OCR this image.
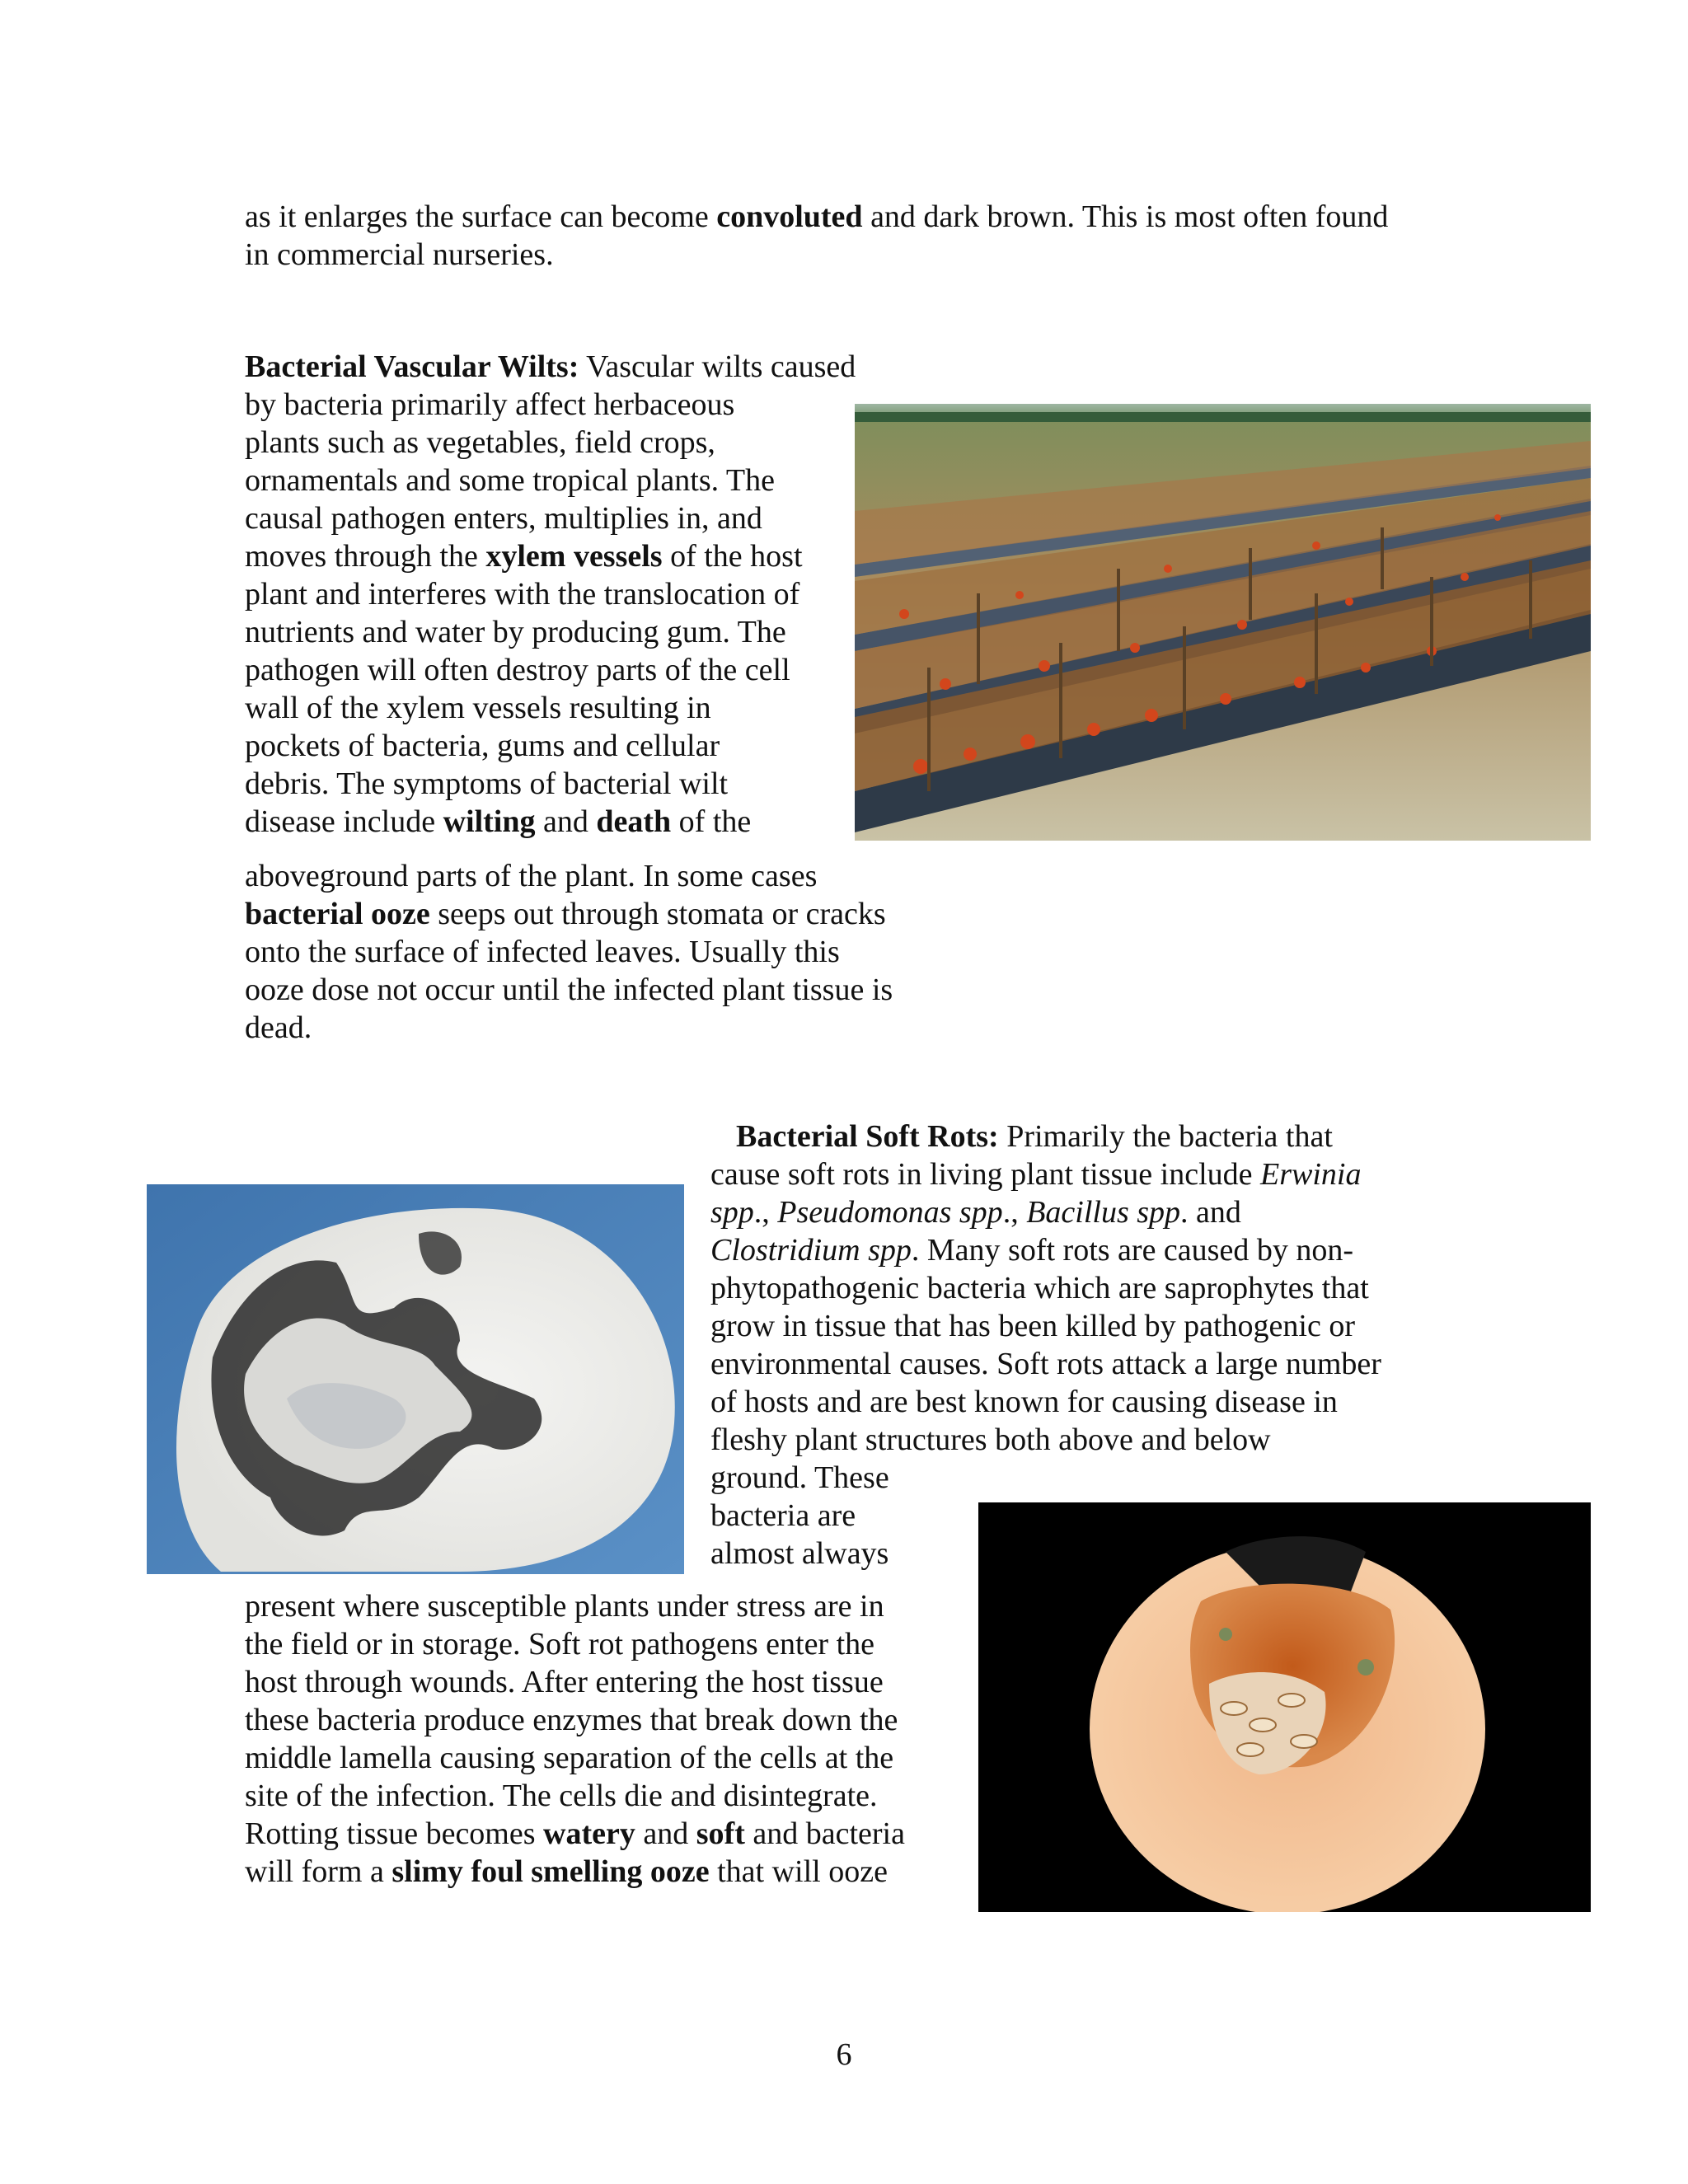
as it enlarges the surface can become convoluted and dark brown. This is most often found
in commercial nurseries.
Bacterial Vascular Wilts: Vascular wilts caused
by bacteria primarily affect herbaceous
plants such as vegetables, field crops,
ornamentals and some tropical plants. The
causal pathogen enters, multiplies in, and
moves through the xylem vessels of the host
plant and interferes with the translocation of
nutrients and water by producing gum. The
pathogen will often destroy parts of the cell
wall of the xylem vessels resulting in
pockets of bacteria, gums and cellular
debris. The symptoms of bacterial wilt
disease include wilting and death of the
aboveground parts of the plant. In some cases
bacterial ooze seeps out through stomata or cracks
onto the surface of infected leaves. Usually this
ooze dose not occur until the infected plant tissue is
dead.
Bacterial Soft Rots: Primarily the bacteria that
cause soft rots in living plant tissue include Erwinia
spp., Pseudomonas spp., Bacillus spp. and
Clostridium spp. Many soft rots are caused by non-
phytopathogenic bacteria which are saprophytes that
grow in tissue that has been killed by pathogenic or
environmental causes. Soft rots attack a large number
of hosts and are best known for causing disease in
fleshy plant structures both above and below
ground. These
bacteria are
almost always
present where susceptible plants under stress are in
the field or in storage. Soft rot pathogens enter the
host through wounds. After entering the host tissue
these bacteria produce enzymes that break down the
middle lamella causing separation of the cells at the
site of the infection. The cells die and disintegrate.
Rotting tissue becomes watery and soft and bacteria
will form a slimy foul smelling ooze that will ooze
6
